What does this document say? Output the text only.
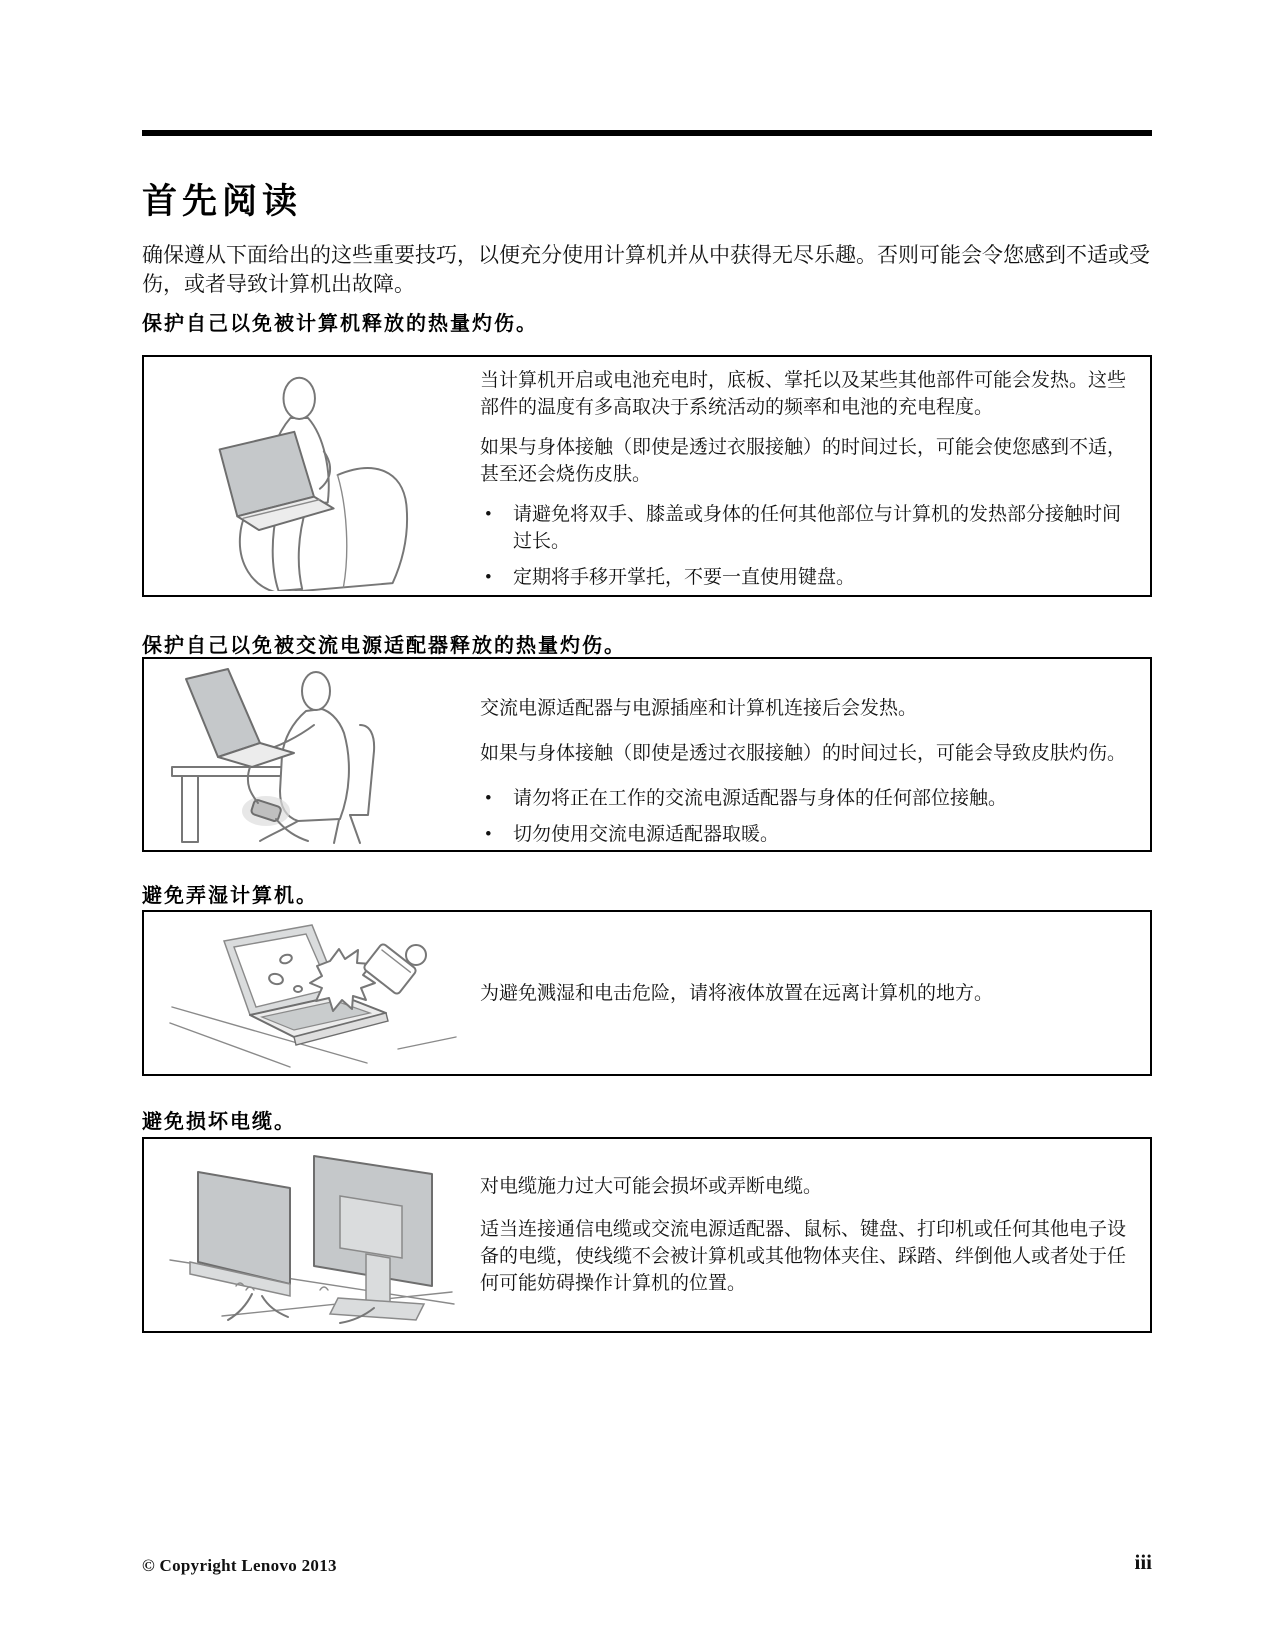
首先阅读
确保遵从下面给出的这些重要技巧，以便充分使用计算机并从中获得无尽乐趣。否则可能会令您感到不适或受伤，或者导致计算机出故障。
保护自己以免被计算机释放的热量灼伤。

当计算机开启或电池充电时，底板、掌托以及某些其他部件可能会发热。这些部件的温度有多高取决于系统活动的频率和电池的充电程度。

如果与身体接触（即使是透过衣服接触）的时间过长，可能会使您感到不适，甚至还会烧伤皮肤。

•
请避免将双手、膝盖或身体的任何其他部位与计算机的发热部分接触时间过长。
•
定期将手移开掌托，不要一直使用键盘。
保护自己以免被交流电源适配器释放的热量灼伤。

交流电源适配器与电源插座和计算机连接后会发热。

如果与身体接触（即使是透过衣服接触）的时间过长，可能会导致皮肤灼伤。

•
请勿将正在工作的交流电源适配器与身体的任何部位接触。
•
切勿使用交流电源适配器取暖。
避免弄湿计算机。

为避免溅湿和电击危险，请将液体放置在远离计算机的地方。

避免损坏电缆。

对电缆施力过大可能会损坏或弄断电缆。

适当连接通信电缆或交流电源适配器、鼠标、键盘、打印机或任何其他电子设备的电缆，使线缆不会被计算机或其他物体夹住、踩踏、绊倒他人或者处于任何可能妨碍操作计算机的位置。

© Copyright Lenovo 2013	iii
